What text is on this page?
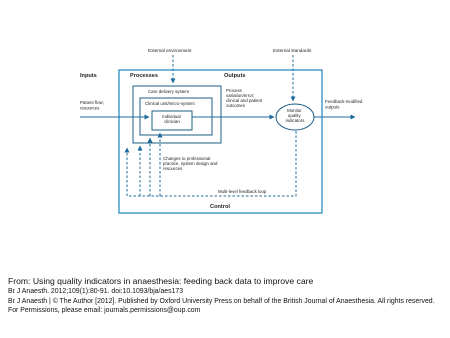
External environment	External standards
Inputs	Processes	Outputs
Patient flow; resources
Care delivery system
Clinical unit/micro-system
Individual clinician
Process variation/error; clinical and patient outcomes
Monitor quality indicators
Feedback-modified outputs
Changes to professional practice, system design and resources
Multi-level feedback loop
Control

From: Using quality indicators in anaesthesia: feeding back data to improve care

Br J Anaesth. 2012;109(1):80-91. doi:10.1093/bja/aes173

Br J Anaesth | © The Author [2012]. Published by Oxford University Press on behalf of the British Journal of Anaesthesia. All rights reserved. For Permissions, please email: journals.permissions@oup.com
